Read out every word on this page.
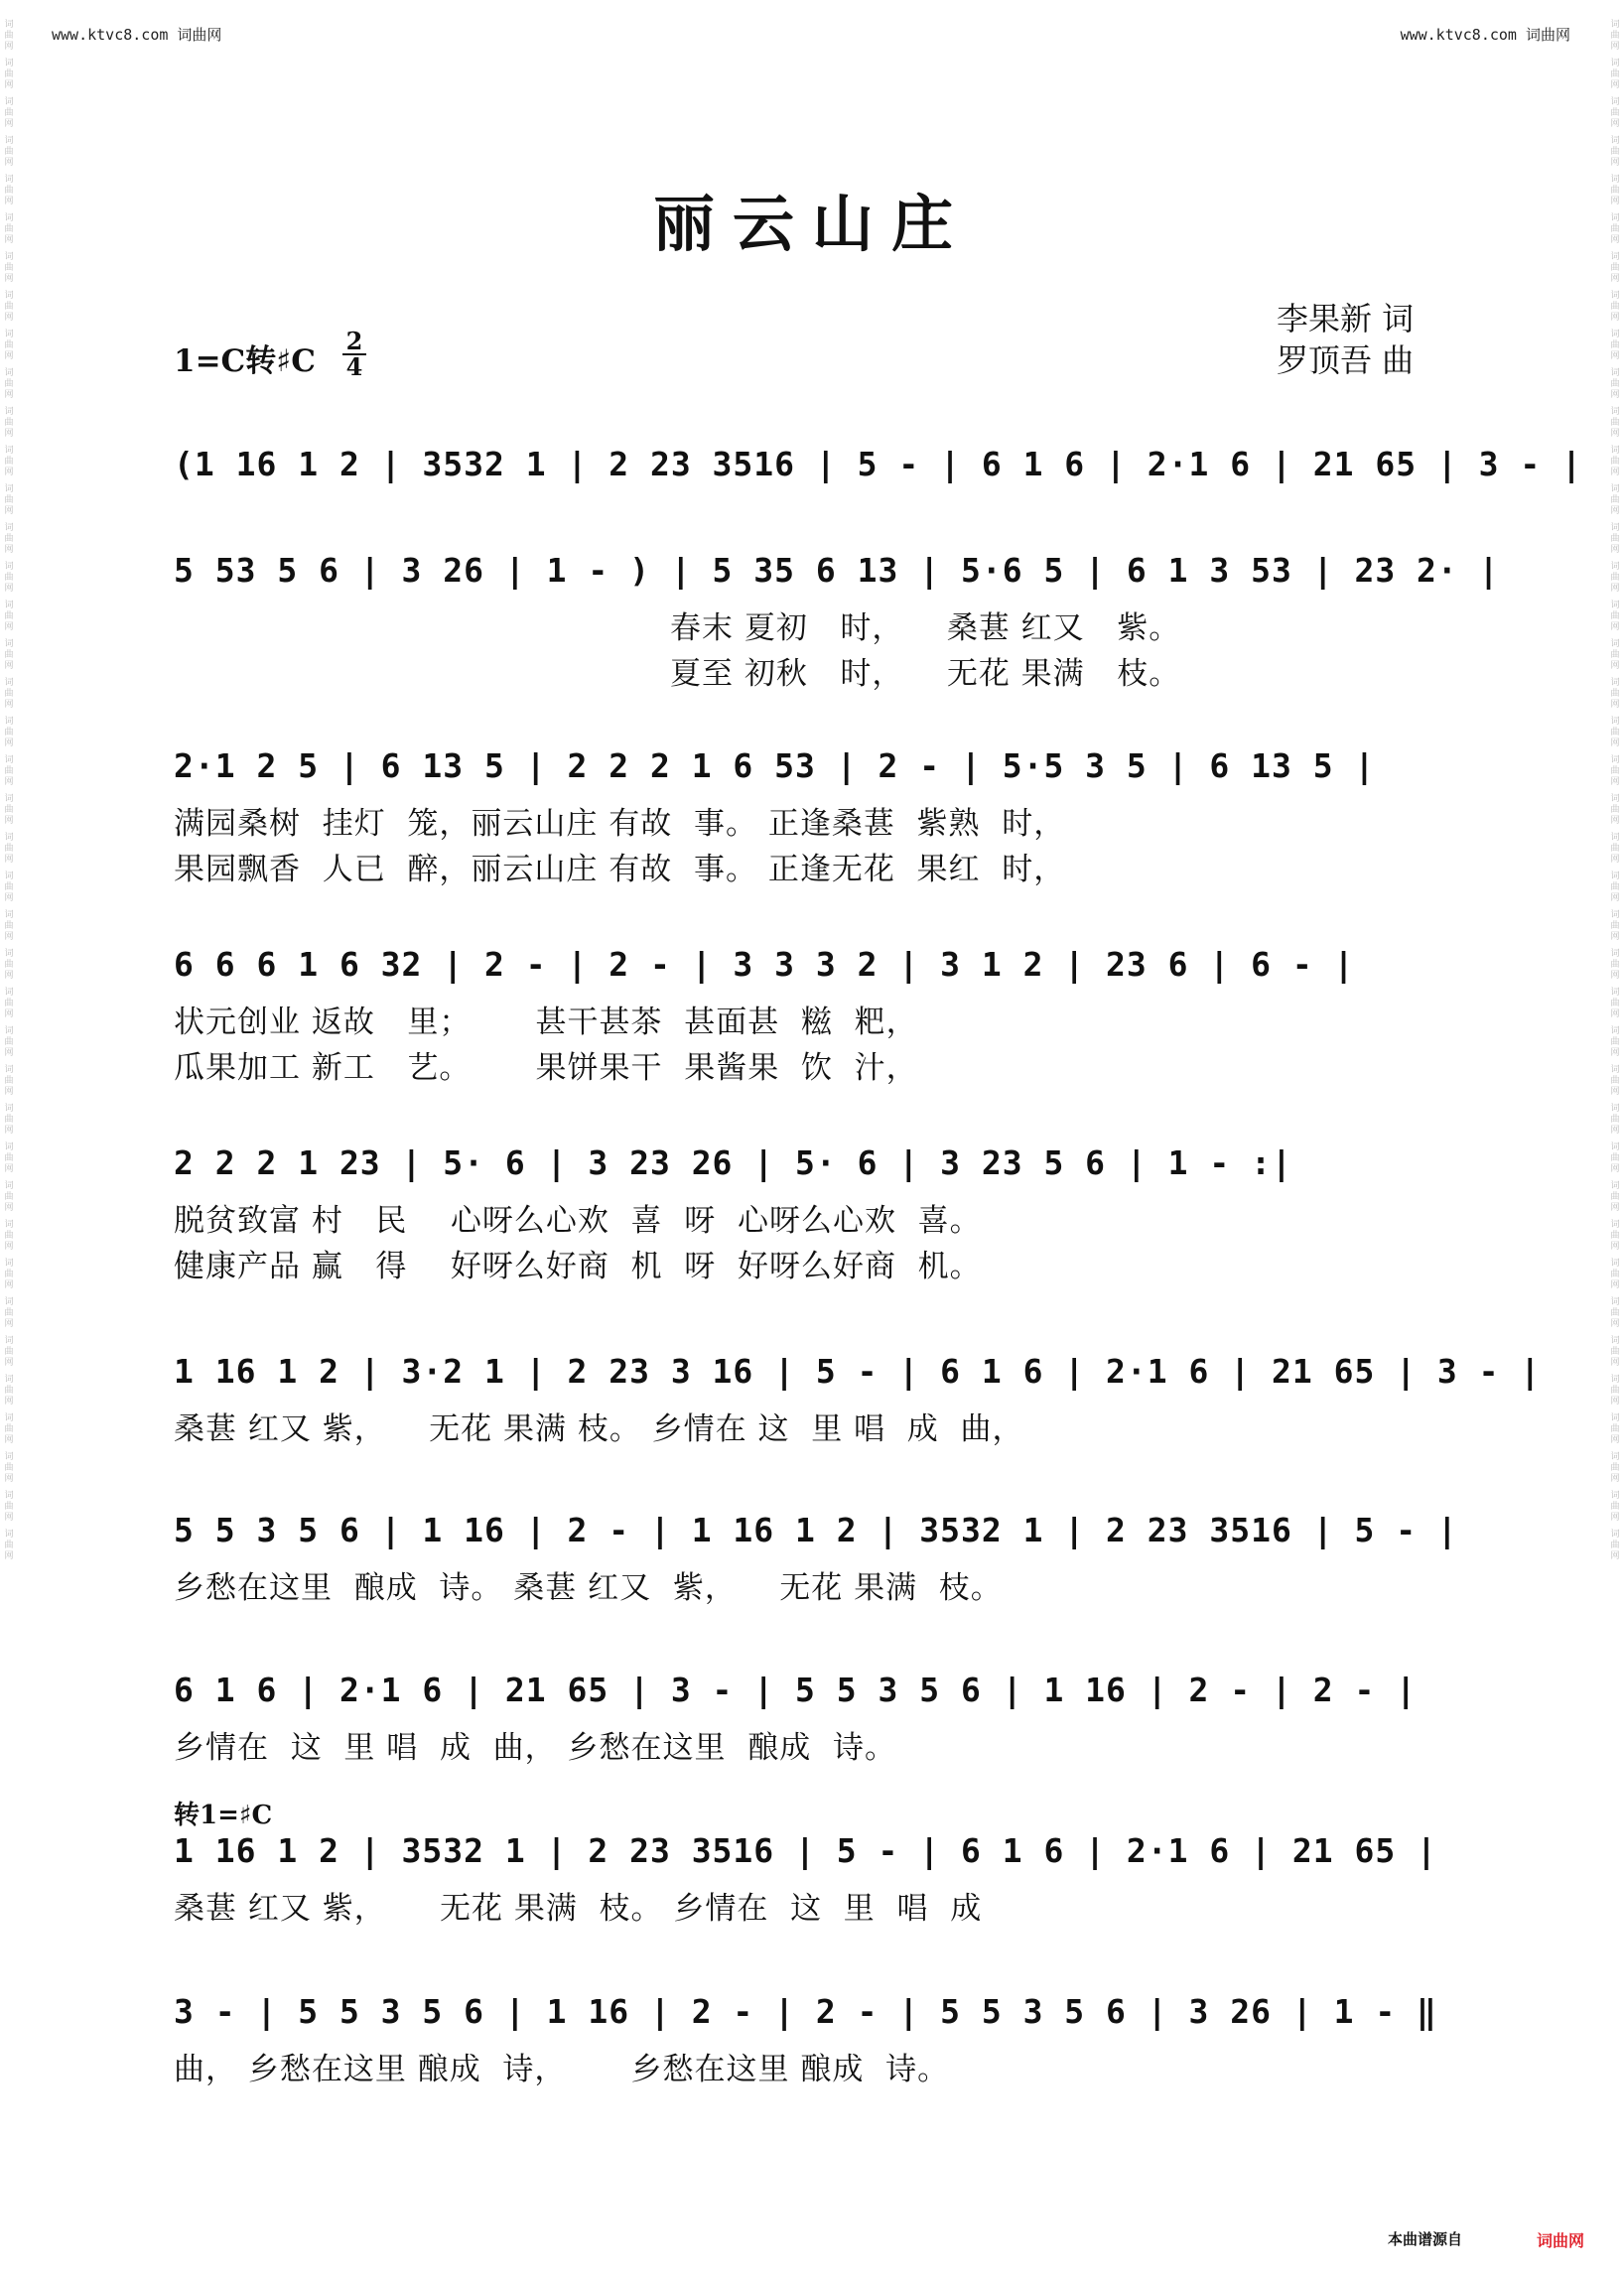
www.ktvc8.com 词曲网	www.ktvc8.com 词曲网
词曲网
词曲网
词曲网
词曲网
词曲网
词曲网
词曲网
词曲网
词曲网
词曲网
词曲网
词曲网
词曲网
词曲网
词曲网
词曲网
词曲网
词曲网
词曲网
词曲网
词曲网
词曲网
词曲网
词曲网
词曲网
词曲网
词曲网
词曲网
词曲网
词曲网
词曲网
词曲网
词曲网
词曲网
词曲网
词曲网
词曲网
词曲网
词曲网
词曲网
词曲网
词曲网
词曲网
词曲网
词曲网
词曲网
词曲网
词曲网
词曲网
词曲网
词曲网
词曲网
词曲网
词曲网
词曲网
词曲网
词曲网
词曲网
词曲网
词曲网
词曲网
词曲网
词曲网
词曲网
词曲网
词曲网
词曲网
词曲网
词曲网
词曲网
词曲网
词曲网
词曲网
词曲网
词曲网
词曲网
词曲网
词曲网
词曲网
词曲网
丽云山庄
李果新 词
罗顶吾 曲
1=C转♯C
2
4
转1=♯C
(1 16 1 2 | 3532 1 | 2 23 3516 | 5 - | 6 1 6 | 2·1 6 | 21 65 | 3 - |
5 53 5 6 | 3 26 | 1 - ) | 5 35 6 13 | 5·6 5 | 6 1 3 53 | 23 2· |
春末 夏初   时，    桑葚 红又   紫。
夏至 初秋   时，    无花 果满   枝。
2·1 2 5 | 6 13 5 | 2 2 2 1 6 53 | 2 - | 5·5 3 5 | 6 13 5 |
满园桑树  挂灯  笼，丽云山庄 有故  事。 正逢桑葚  紫熟  时，
果园飘香  人已  醉，丽云山庄 有故  事。 正逢无花  果红  时，
6 6 6 1 6 32 | 2 - | 2 - | 3 3 3 2 | 3 1 2 | 23 6 | 6 - |
状元创业 返故   里；      甚干甚茶  甚面甚  糍  粑，
瓜果加工 新工   艺。      果饼果干  果酱果  饮  汁，
2 2 2 1 23 | 5· 6 | 3 23 26 | 5· 6 | 3 23 5 6 | 1 - :|
脱贫致富 村   民    心呀么心欢  喜  呀  心呀么心欢  喜。
健康产品 赢   得    好呀么好商  机  呀  好呀么好商  机。
1 16 1 2 | 3·2 1 | 2 23 3 16 | 5 - | 6 1 6 | 2·1 6 | 21 65 | 3 - |
桑葚 红又 紫，    无花 果满 枝。 乡情在 这  里 唱  成  曲，
5 5 3 5 6 | 1 16 | 2 - | 1 16 1 2 | 3532 1 | 2 23 3516 | 5 - |
乡愁在这里  酿成  诗。 桑葚 红又  紫，    无花 果满  枝。
6 1 6 | 2·1 6 | 21 65 | 3 - | 5 5 3 5 6 | 1 16 | 2 - | 2 - |
乡情在  这  里 唱  成  曲， 乡愁在这里  酿成  诗。
1 16 1 2 | 3532 1 | 2 23 3516 | 5 - | 6 1 6 | 2·1 6 | 21 65 |
桑葚 红又 紫，     无花 果满  枝。 乡情在  这  里  唱  成
3 - | 5 5 3 5 6 | 1 16 | 2 - | 2 - | 5 5 3 5 6 | 3 26 | 1 - ‖
曲， 乡愁在这里 酿成  诗，      乡愁在这里 酿成  诗。
本曲谱源自	词曲网
